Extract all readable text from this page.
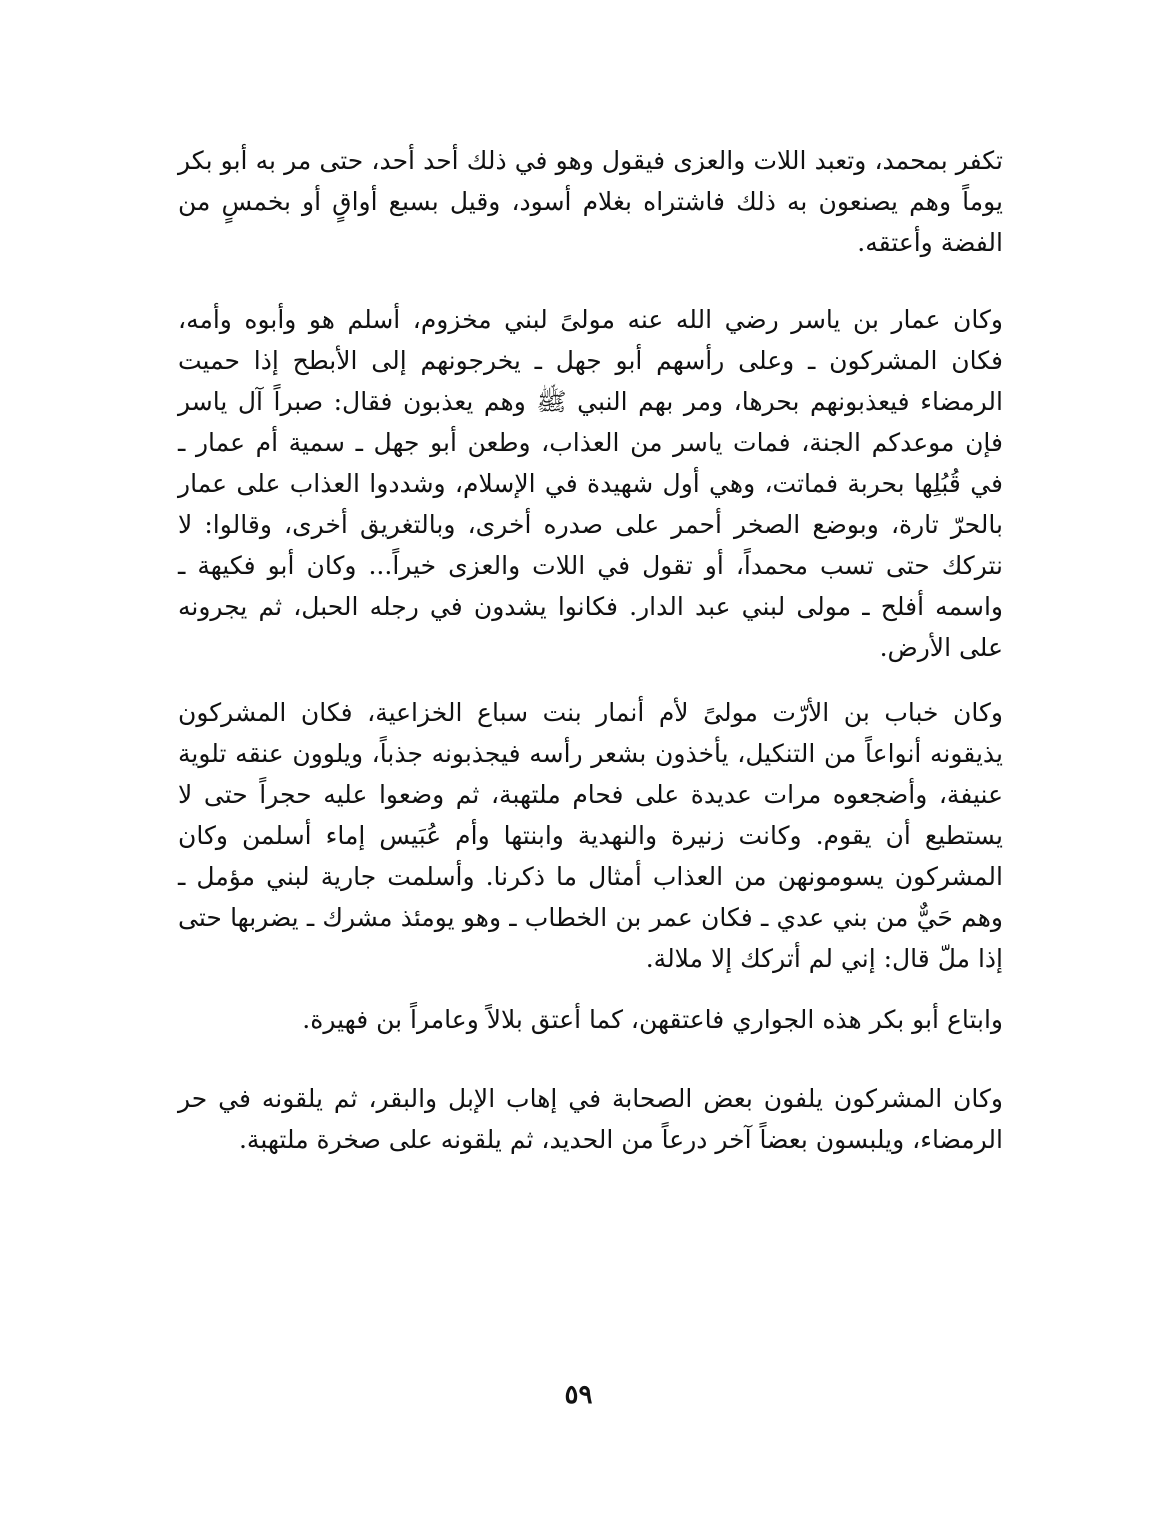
تكفر بمحمد، وتعبد اللات والعزى فيقول وهو في ذلك أحد أحد، حتى مر به أبو بكر يوماً وهم يصنعون به ذلك فاشتراه بغلام أسود، وقيل بسبع أواقٍ أو بخمسٍ من الفضة وأعتقه.

وكان عمار بن ياسر رضي الله عنه مولىً لبني مخزوم، أسلم هو وأبوه وأمه، فكان المشركون ـ وعلى رأسهم أبو جهل ـ يخرجونهم إلى الأبطح إذا حميت الرمضاء فيعذبونهم بحرها، ومر بهم النبي ﷺ وهم يعذبون فقال: صبراً آل ياسر فإن موعدكم الجنة، فمات ياسر من العذاب، وطعن أبو جهل ـ سمية أم عمار ـ في قُبُلِها بحربة فماتت، وهي أول شهيدة في الإسلام، وشددوا العذاب على عمار بالحرّ تارة، وبوضع الصخر أحمر على صدره أخرى، وبالتغريق أخرى، وقالوا: لا نتركك حتى تسب محمداً، أو تقول في اللات والعزى خيراً... وكان أبو فكيهة ـ واسمه أفلح ـ مولى لبني عبد الدار. فكانوا يشدون في رجله الحبل، ثم يجرونه على الأرض.

وكان خباب بن الأرّت مولىً لأم أنمار بنت سباع الخزاعية، فكان المشركون يذيقونه أنواعاً من التنكيل، يأخذون بشعر رأسه فيجذبونه جذباً، ويلوون عنقه تلوية عنيفة، وأضجعوه مرات عديدة على فحام ملتهبة، ثم وضعوا عليه حجراً حتى لا يستطيع أن يقوم. وكانت زنيرة والنهدية وابنتها وأم عُبَيس إماء أسلمن وكان المشركون يسومونهن من العذاب أمثال ما ذكرنا. وأسلمت جارية لبني مؤمل ـ وهم حَيٌّ من بني عدي ـ فكان عمر بن الخطاب ـ وهو يومئذ مشرك ـ يضربها حتى إذا ملّ قال: إني لم أتركك إلا ملالة.

وابتاع أبو بكر هذه الجواري فاعتقهن، كما أعتق بلالاً وعامراً بن فهيرة.

وكان المشركون يلفون بعض الصحابة في إهاب الإبل والبقر، ثم يلقونه في حر الرمضاء، ويلبسون بعضاً آخر درعاً من الحديد، ثم يلقونه على صخرة ملتهبة.

٥٩
